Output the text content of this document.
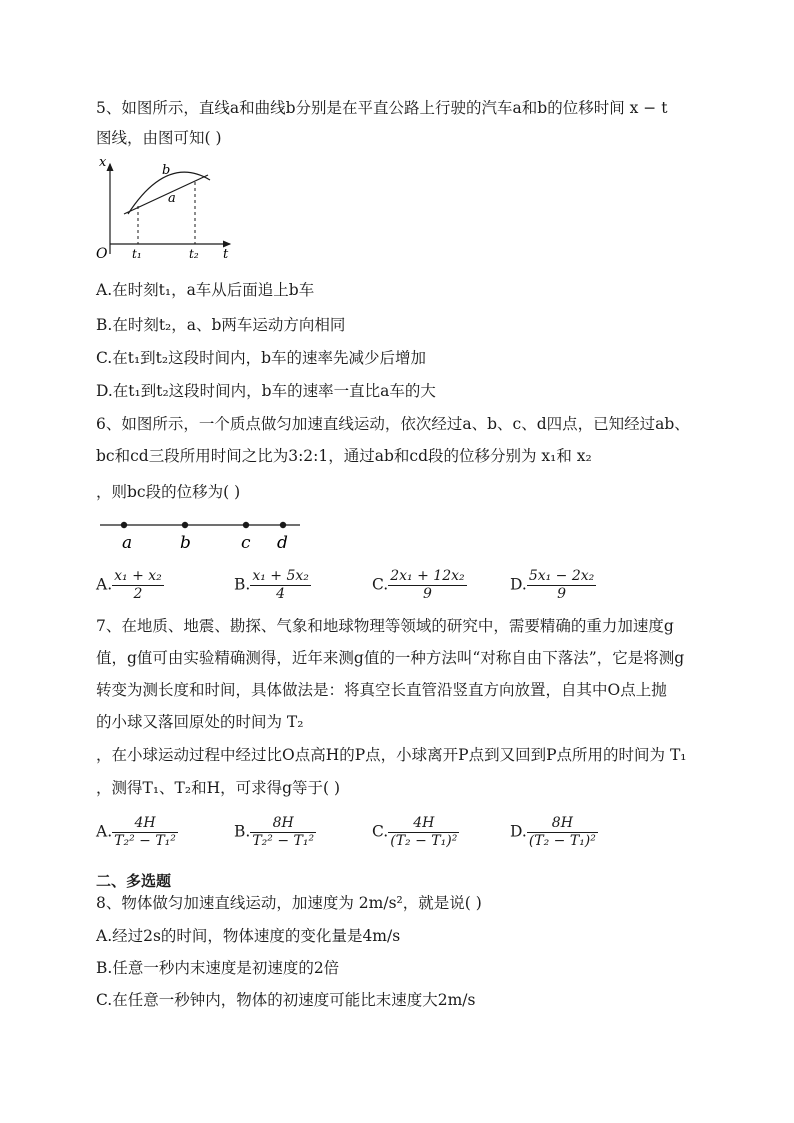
5、如图所示，直线a和曲线b分别是在平直公路上行驶的汽车a和b的位移时间 x − t
图线，由图可知( )
x
t
O
b
a
t₁	t₂
A.在时刻t₁，a车从后面追上b车
B.在时刻t₂，a、b两车运动方向相同
C.在t₁到t₂这段时间内，b车的速率先减少后增加
D.在t₁到t₂这段时间内，b车的速率一直比a车的大
6、如图所示，一个质点做匀加速直线运动，依次经过a、b、c、d四点，已知经过ab、
bc和cd三段所用时间之比为3:2:1，通过ab和cd段的位移分别为 x₁和 x₂
，则bc段的位移为( )
a	b	c d
A. $\frac{\text{x₁ + x₂}}{2}$	B. $\frac{\text{x₁ + 5x₂}}{4}$	C. $\frac{\text{2x₁ + 12x₂}}{9}$	D. $\frac{\text{5x₁ − 2x₂}}{9}$
7、在地质、地震、勘探、气象和地球物理等领域的研究中，需要精确的重力加速度g
值，g值可由实验精确测得，近年来测g值的一种方法叫“对称自由下落法”，它是将测g
转变为测长度和时间，具体做法是：将真空长直管沿竖直方向放置，自其中O点上抛
的小球又落回原处的时间为 T₂
，在小球运动过程中经过比O点高H的P点，小球离开P点到又回到P点所用的时间为 T₁
，测得T₁、T₂和H，可求得g等于( )
A. $\frac{4H}{\text{T₂² − T₁²}}$	B. $\frac{8H}{\text{T₂² − T₁²}}$	C. $\frac{4H}{\text{(T₂ − T₁)²}}$	D. $\frac{8H}{\text{(T₂ − T₁)²}}$
二、多选题
8、物体做匀加速直线运动，加速度为 2m/s²，就是说( )
A.经过2s的时间，物体速度的变化量是4m/s
B.任意一秒内末速度是初速度的2倍
C.在任意一秒钟内，物体的初速度可能比末速度大2m/s
